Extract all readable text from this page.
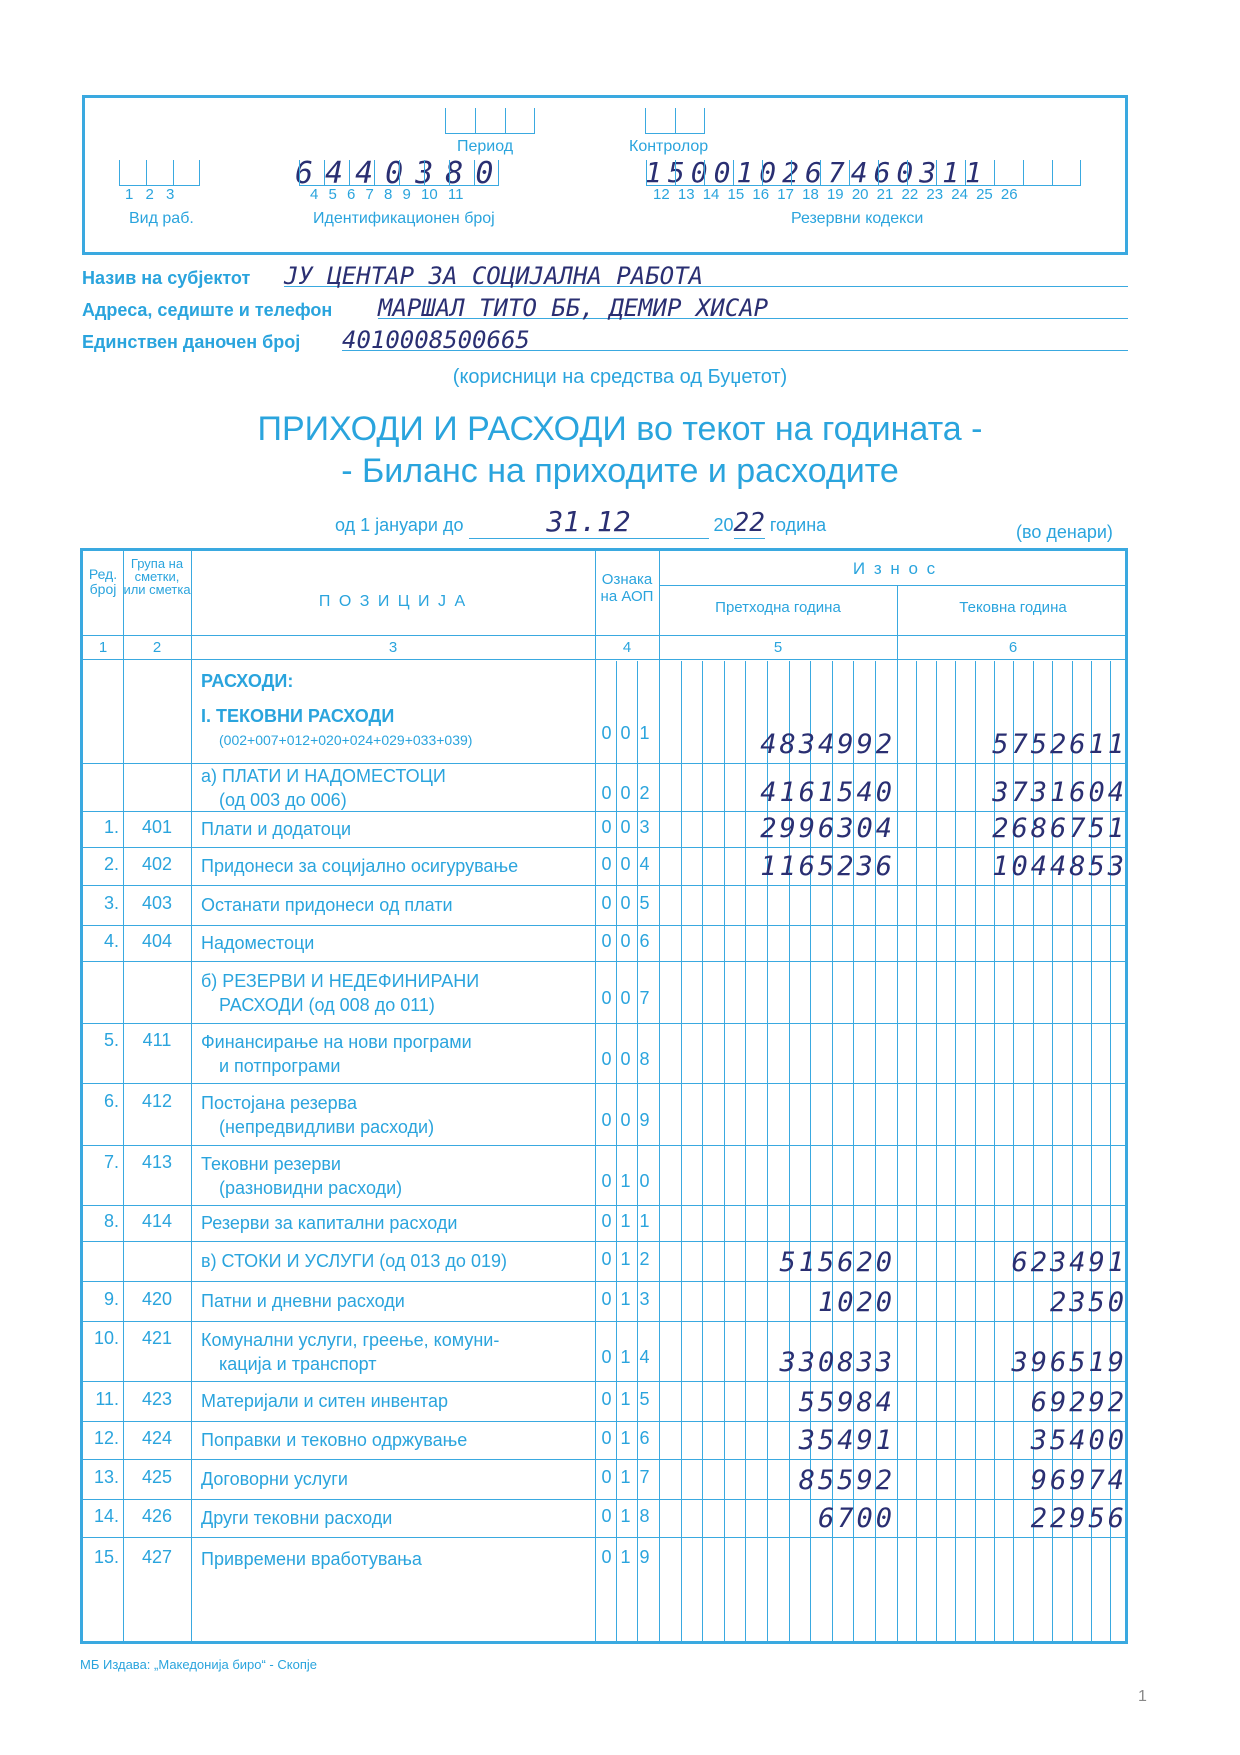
Период	Контролор
1 2 3
Вид раб.
6440380
4 5 6 7 8 9 10 11
Идентификационен број
150010267460311
12 13 14 15 16 17 18 19 20 21 22 23 24 25 26
Резервни кодекси
Назив на субјектот ЈУ ЦЕНТАР ЗА СОЦИЈАЛНА РАБОТА
Адреса, седиште и телефон МАРШАЛ ТИТО ББ, ДЕМИР ХИСАР
Единствен даночен број 4010008500665
(корисници на средства од Буџетот)
ПРИХОДИ И РАСХОДИ во текот на годината -
- Биланс на приходите и расходите
од 1 јануари до	31.12	2022 година	(во денари)
Ред. број
Група на сметки, или сметка
П О З И Ц И Ј А
Ознака на АОП
И з н о с
Претходна година	Тековна година
1	2	3	4	5	6
РАСХОДИ:
I. ТЕКОВНИ РАСХОДИ
(002+007+012+020+024+029+033+039)	0 0 1	4834992	5752611
а) ПЛАТИ И НАДОМЕСТОЦИ
(од 003 до 006)	0 0 2	4161540	3731604
1.	401	Плати и додатоци	0 0 3	2996304	2686751
2.	402	Придонеси за социјално осигурување	0 0 4	1165236	1044853
3.	403	Останати придонеси од плати	0 0 5
4.	404	Надоместоци	0 0 6
б) РЕЗЕРВИ И НЕДЕФИНИРАНИ
РАСХОДИ (од 008 до 011)	0 0 7
5.	411	Финансирање на нови програми
и потпрограми	0 0 8
6.	412	Постојана резерва
(непредвидливи расходи)	0 0 9
7.	413	Тековни резерви
(разновидни расходи)	0 1 0
8.	414	Резерви за капитални расходи	0 1 1
в) СТОКИ И УСЛУГИ (од 013 до 019)	0 1 2	515620	623491
9.	420	Патни и дневни расходи	0 1 3	1020	2350
10.	421	Комунални услуги, греење, комуни-
кација и транспорт	0 1 4	330833	396519
11.	423	Материјали и ситен инвентар	0 1 5	55984	69292
12.	424	Поправки и тековно одржување	0 1 6	35491	35400
13.	425	Договорни услуги	0 1 7	85592	96974
14.	426	Други тековни расходи	0 1 8	6700	22956
15.	427	Привремени вработувања	0 1 9
МБ Издава: „Македонија биро“ - Скопје
1
